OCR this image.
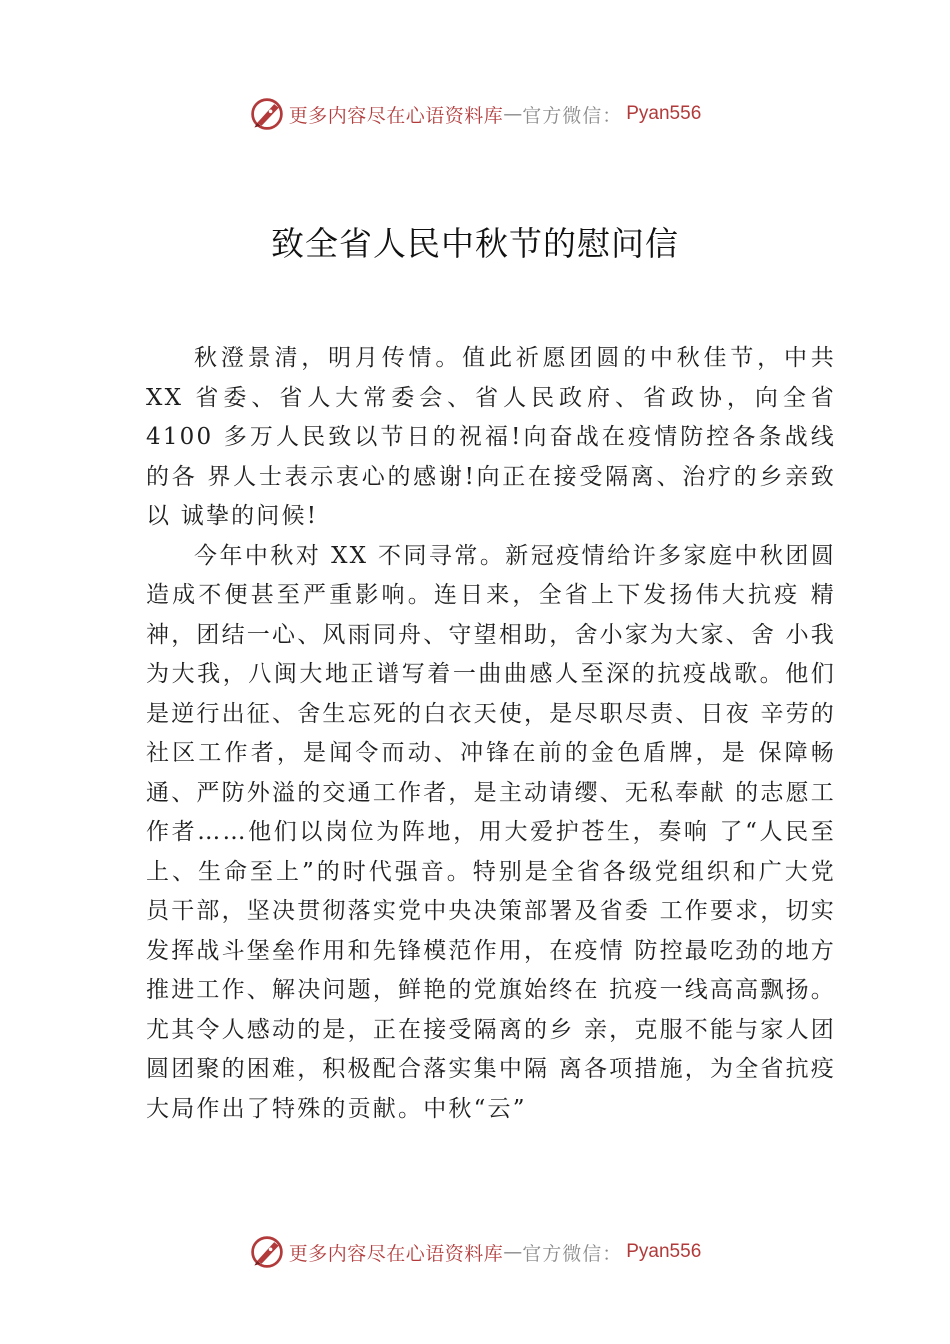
更多内容尽在心语资料库 — 官方微信： Pyan556
致全省人民中秋节的慰问信

秋澄景清，明月传情。值此祈愿团圆的中秋佳节，中共 XX 省委、省人大常委会、省人民政府、省政协，向全省 4100 多万人民致以节日的祝福!向奋战在疫情防控各条战线的各 界人士表示衷心的感谢!向正在接受隔离、治疗的乡亲致以 诚挚的问候!

今年中秋对 XX 不同寻常。新冠疫情给许多家庭中秋团圆造成不便甚至严重影响。连日来，全省上下发扬伟大抗疫 精神，团结一心、风雨同舟、守望相助，舍小家为大家、舍 小我为大我，八闽大地正谱写着一曲曲感人至深的抗疫战歌。他们是逆行出征、舍生忘死的白衣天使，是尽职尽责、日夜 辛劳的社区工作者，是闻令而动、冲锋在前的金色盾牌，是 保障畅通、严防外溢的交通工作者，是主动请缨、无私奉献 的志愿工作者……他们以岗位为阵地，用大爱护苍生，奏响 了“人民至上、生命至上”的时代强音。特别是全省各级党组织和广大党员干部，坚决贯彻落实党中央决策部署及省委 工作要求，切实发挥战斗堡垒作用和先锋模范作用，在疫情 防控最吃劲的地方推进工作、解决问题，鲜艳的党旗始终在 抗疫一线高高飘扬。尤其令人感动的是，正在接受隔离的乡 亲，克服不能与家人团圆团聚的困难，积极配合落实集中隔 离各项措施，为全省抗疫大局作出了特殊的贡献。中秋“云”

更多内容尽在心语资料库 — 官方微信： Pyan556
